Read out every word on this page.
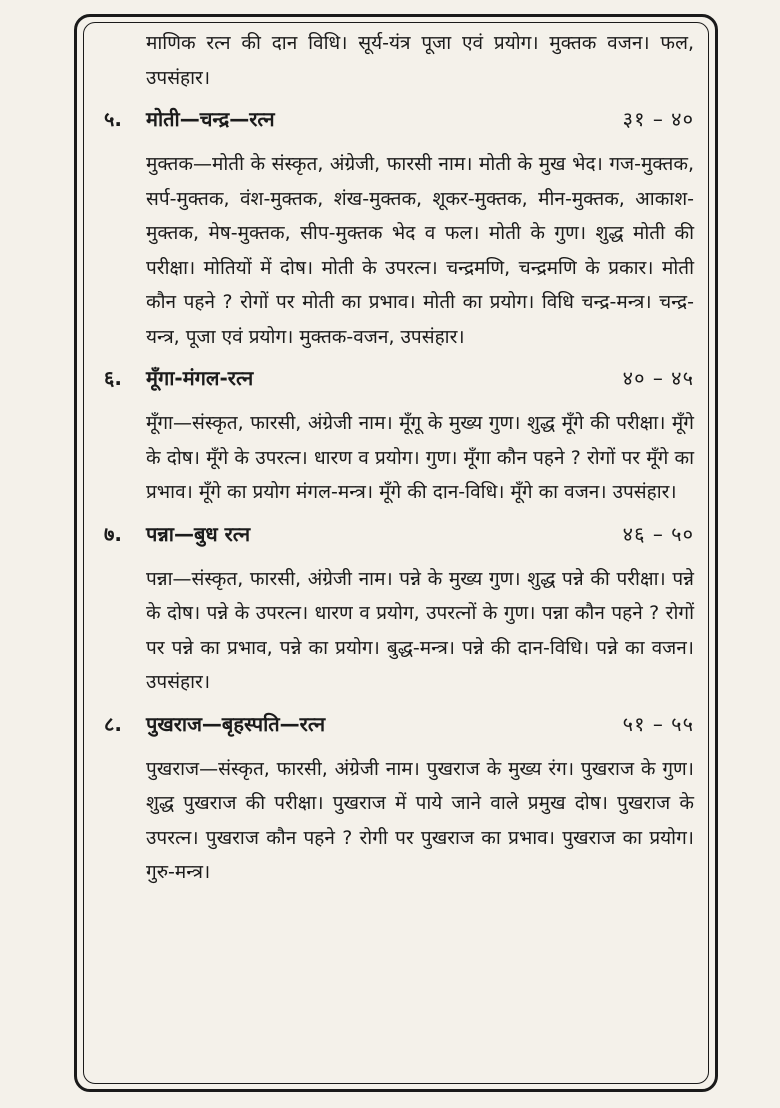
माणिक रत्न की दान विधि। सूर्य-यंत्र पूजा एवं प्रयोग। मुक्तक वजन। फल, उपसंहार।

५.	मोती—चन्द्र—रत्न	३१ – ४०

मुक्तक—मोती के संस्कृत, अंग्रेजी, फारसी नाम। मोती के मुख भेद। गज-मुक्तक, सर्प-मुक्तक, वंश-मुक्तक, शंख-मुक्तक, शूकर-मुक्तक, मीन-मुक्तक, आकाश-मुक्तक, मेष-मुक्तक, सीप-मुक्तक भेद व फल। मोती के गुण। शुद्ध मोती की परीक्षा। मोतियों में दोष। मोती के उपरत्न। चन्द्रमणि, चन्द्रमणि के प्रकार। मोती कौन पहने ? रोगों पर मोती का प्रभाव। मोती का प्रयोग। विधि चन्द्र-मन्त्र। चन्द्र-यन्त्र, पूजा एवं प्रयोग। मुक्तक-वजन, उपसंहार।

६.	मूँगा-मंगल-रत्न	४० – ४५

मूँगा—संस्कृत, फारसी, अंग्रेजी नाम। मूँगू के मुख्य गुण। शुद्ध मूँगे की परीक्षा। मूँगे के दोष। मूँगे के उपरत्न। धारण व प्रयोग। गुण। मूँगा कौन पहने ? रोगों पर मूँगे का प्रभाव। मूँगे का प्रयोग मंगल-मन्त्र। मूँगे की दान-विधि। मूँगे का वजन। उपसंहार।

७.	पन्ना—बुध रत्न	४६ – ५०

पन्ना—संस्कृत, फारसी, अंग्रेजी नाम। पन्ने के मुख्य गुण। शुद्ध पन्ने की परीक्षा। पन्ने के दोष। पन्ने के उपरत्न। धारण व प्रयोग, उपरत्नों के गुण। पन्ना कौन पहने ? रोगों पर पन्ने का प्रभाव, पन्ने का प्रयोग। बुद्ध-मन्त्र। पन्ने की दान-विधि। पन्ने का वजन। उपसंहार।

८.	पुखराज—बृहस्पति—रत्न	५१ – ५५

पुखराज—संस्कृत, फारसी, अंग्रेजी नाम। पुखराज के मुख्य रंग। पुखराज के गुण। शुद्ध पुखराज की परीक्षा। पुखराज में पाये जाने वाले प्रमुख दोष। पुखराज के उपरत्न। पुखराज कौन पहने ? रोगी पर पुखराज का प्रभाव। पुखराज का प्रयोग। गुरु-मन्त्र।
